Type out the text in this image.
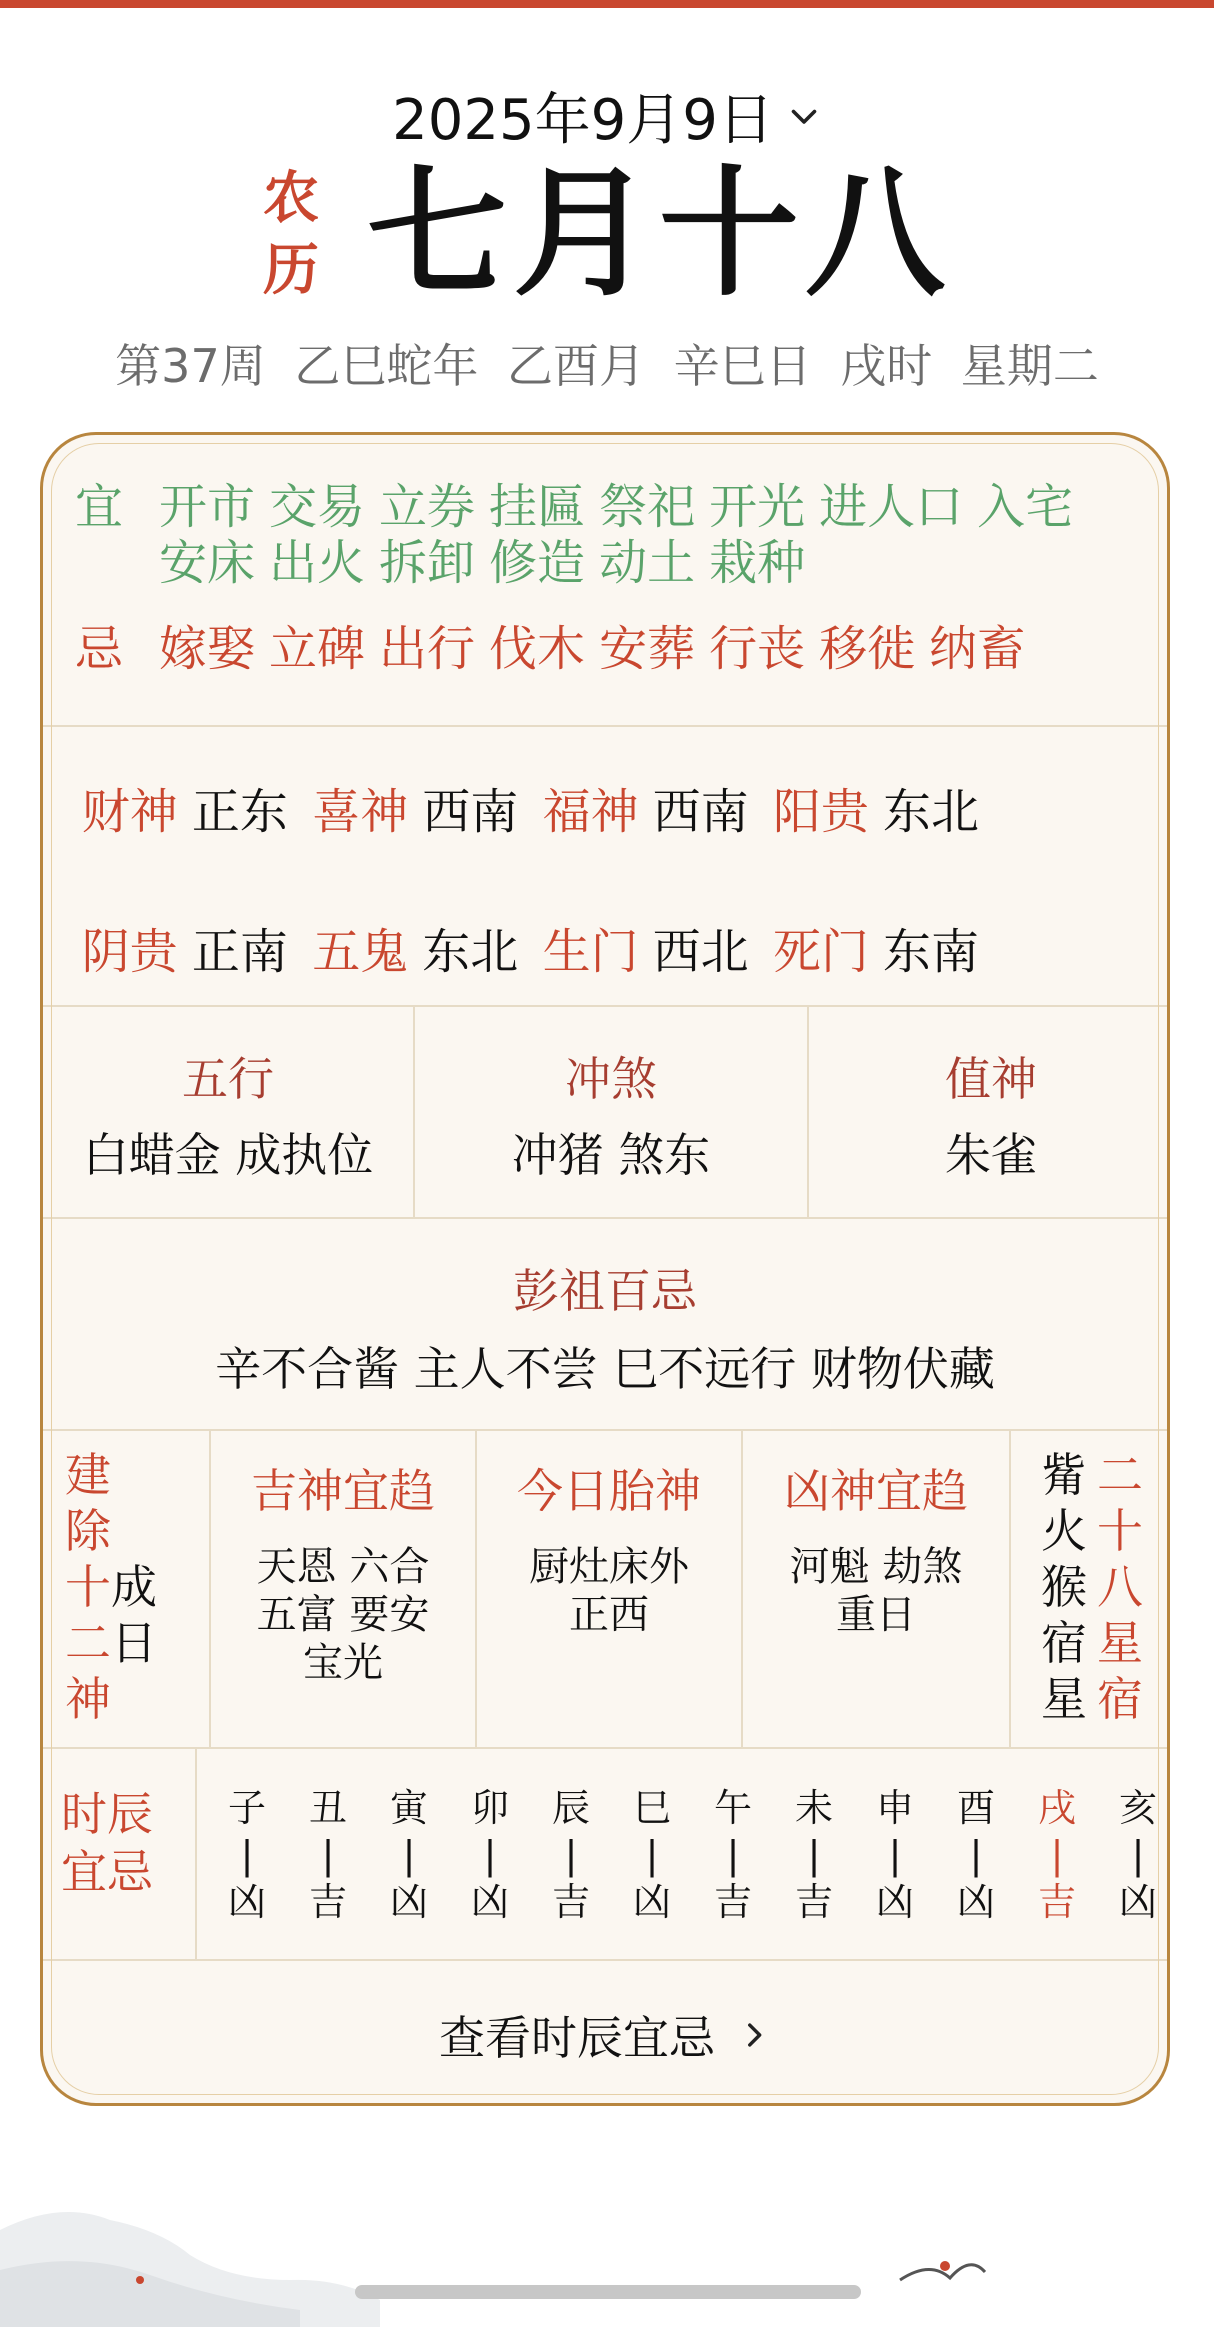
2025年9月9日
农
历 七月十八
第37周 乙巳蛇年 乙酉月 辛巳日 戌时 星期二
宜 开市 交易 立券 挂匾 祭祀 开光 进人口 入宅安床 出火 拆卸 修造 动土 栽种
忌 嫁娶 立碑 出行 伐木 安葬 行丧 移徙 纳畜
财神 正东 喜神 西南 福神 西南 阳贵 东北
阴贵 正南 五鬼 东北 生门 西北 死门 东南
五行
白蜡金 成执位
冲煞
冲猪 煞东
值神
朱雀
彭祖百忌
辛不合酱 主人不尝 巳不远行 财物伏藏
建
除
十
二
神
成
日
吉神宜趋
天恩 六合 五富 要安 宝光
今日胎神
厨灶床外正西
凶神宜趋
河魁 劫煞 重日
觜
火
猴
宿
星
二
十
八
星
宿
时辰
宜忌
子
|
凶
丑
|
吉
寅
|
凶
卯
|
凶
辰
|
吉
巳
|
凶
午
|
吉
未
|
吉
申
|
凶
酉
|
凶
戌
|
吉
亥
|
凶
查看时辰宜忌
